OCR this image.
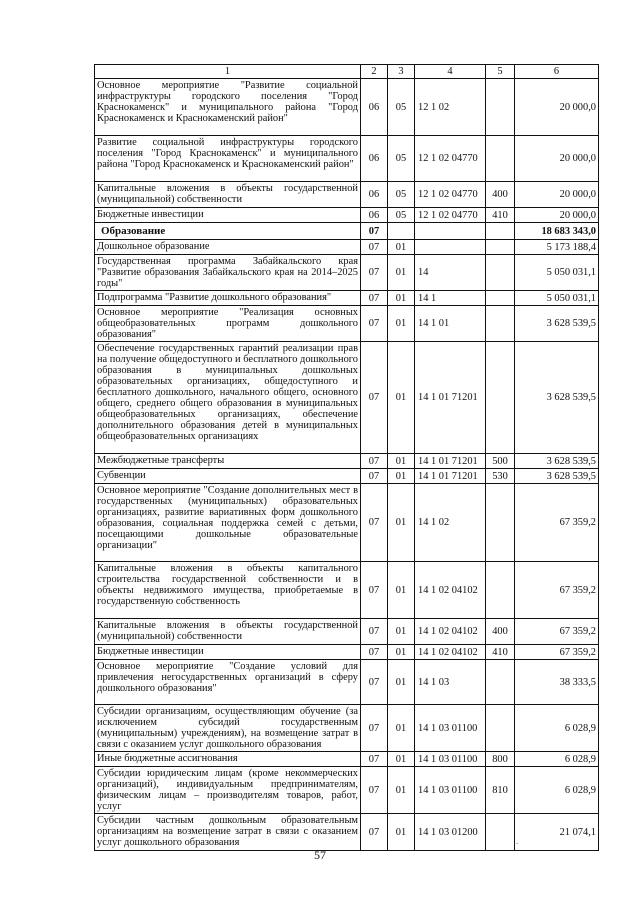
1	2	3	4	5	6
Основное мероприятие "Развитие социальной инфраструктуры городского поселения "Город Краснокаменск" и муниципального района "Город Краснокаменск и Краснокаменский район"	06	05	12 1 02		20 000,0
Развитие социальной инфраструктуры городского поселения "Город Краснокаменск" и муниципального района "Город Краснокаменск и Краснокаменский район"	06	05	12 1 02 04770		20 000,0
Капитальные вложения в объекты государственной (муниципальной) собственности	06	05	12 1 02 04770	400	20 000,0
Бюджетные инвестиции	06	05	12 1 02 04770	410	20 000,0
Образование	07				18 683 343,0
Дошкольное образование	07	01			5 173 188,4
Государственная программа Забайкальского края "Развитие образования Забайкальского края на 2014–2025 годы"	07	01	14		5 050 031,1
Подпрограмма "Развитие дошкольного образования"	07	01	14 1		5 050 031,1
Основное мероприятие "Реализация основных общеобразовательных программ дошкольного образования"	07	01	14 1 01		3 628 539,5
Обеспечение государственных гарантий реализации прав на получение общедоступного и бесплатного дошкольного образования в муниципальных дошкольных образовательных организациях, общедоступного и бесплатного дошкольного, начального общего, основного общего, среднего общего образования в муниципальных общеобразовательных организациях, обеспечение дополнительного образования детей в муниципальных общеобразовательных организациях	07	01	14 1 01 71201		3 628 539,5
Межбюджетные трансферты	07	01	14 1 01 71201	500	3 628 539,5
Субвенции	07	01	14 1 01 71201	530	3 628 539,5
Основное мероприятие "Создание дополнительных мест в государственных (муниципальных) образовательных организациях, развитие вариативных форм дошкольного образования, социальная поддержка семей с детьми, посещающими дошкольные образовательные организации"	07	01	14 1 02		67 359,2
Капитальные вложения в объекты капитального строительства государственной собственности и в объекты недвижимого имущества, приобретаемые в государственную собственность	07	01	14 1 02 04102		67 359,2
Капитальные вложения в объекты государственной (муниципальной) собственности	07	01	14 1 02 04102	400	67 359,2
Бюджетные инвестиции	07	01	14 1 02 04102	410	67 359,2
Основное мероприятие "Создание условий для привлечения негосударственных организаций в сферу дошкольного образования"	07	01	14 1 03		38 333,5
Субсидии организациям, осуществляющим обучение (за исключением субсидий государственным (муниципальным) учреждениям), на возмещение затрат в связи с оказанием услуг дошкольного образования	07	01	14 1 03 01100		6 028,9
Иные бюджетные ассигнования	07	01	14 1 03 01100	800	6 028,9
Субсидии юридическим лицам (кроме некоммерческих организаций), индивидуальным предпринимателям, физическим лицам – производителям товаров, работ, услуг	07	01	14 1 03 01100	810	6 028,9
Субсидии частным дошкольным образовательным организациям на возмещение затрат в связи с оказанием услуг дошкольного образования	07	01	14 1 03 01200		21 074,1
57
.
